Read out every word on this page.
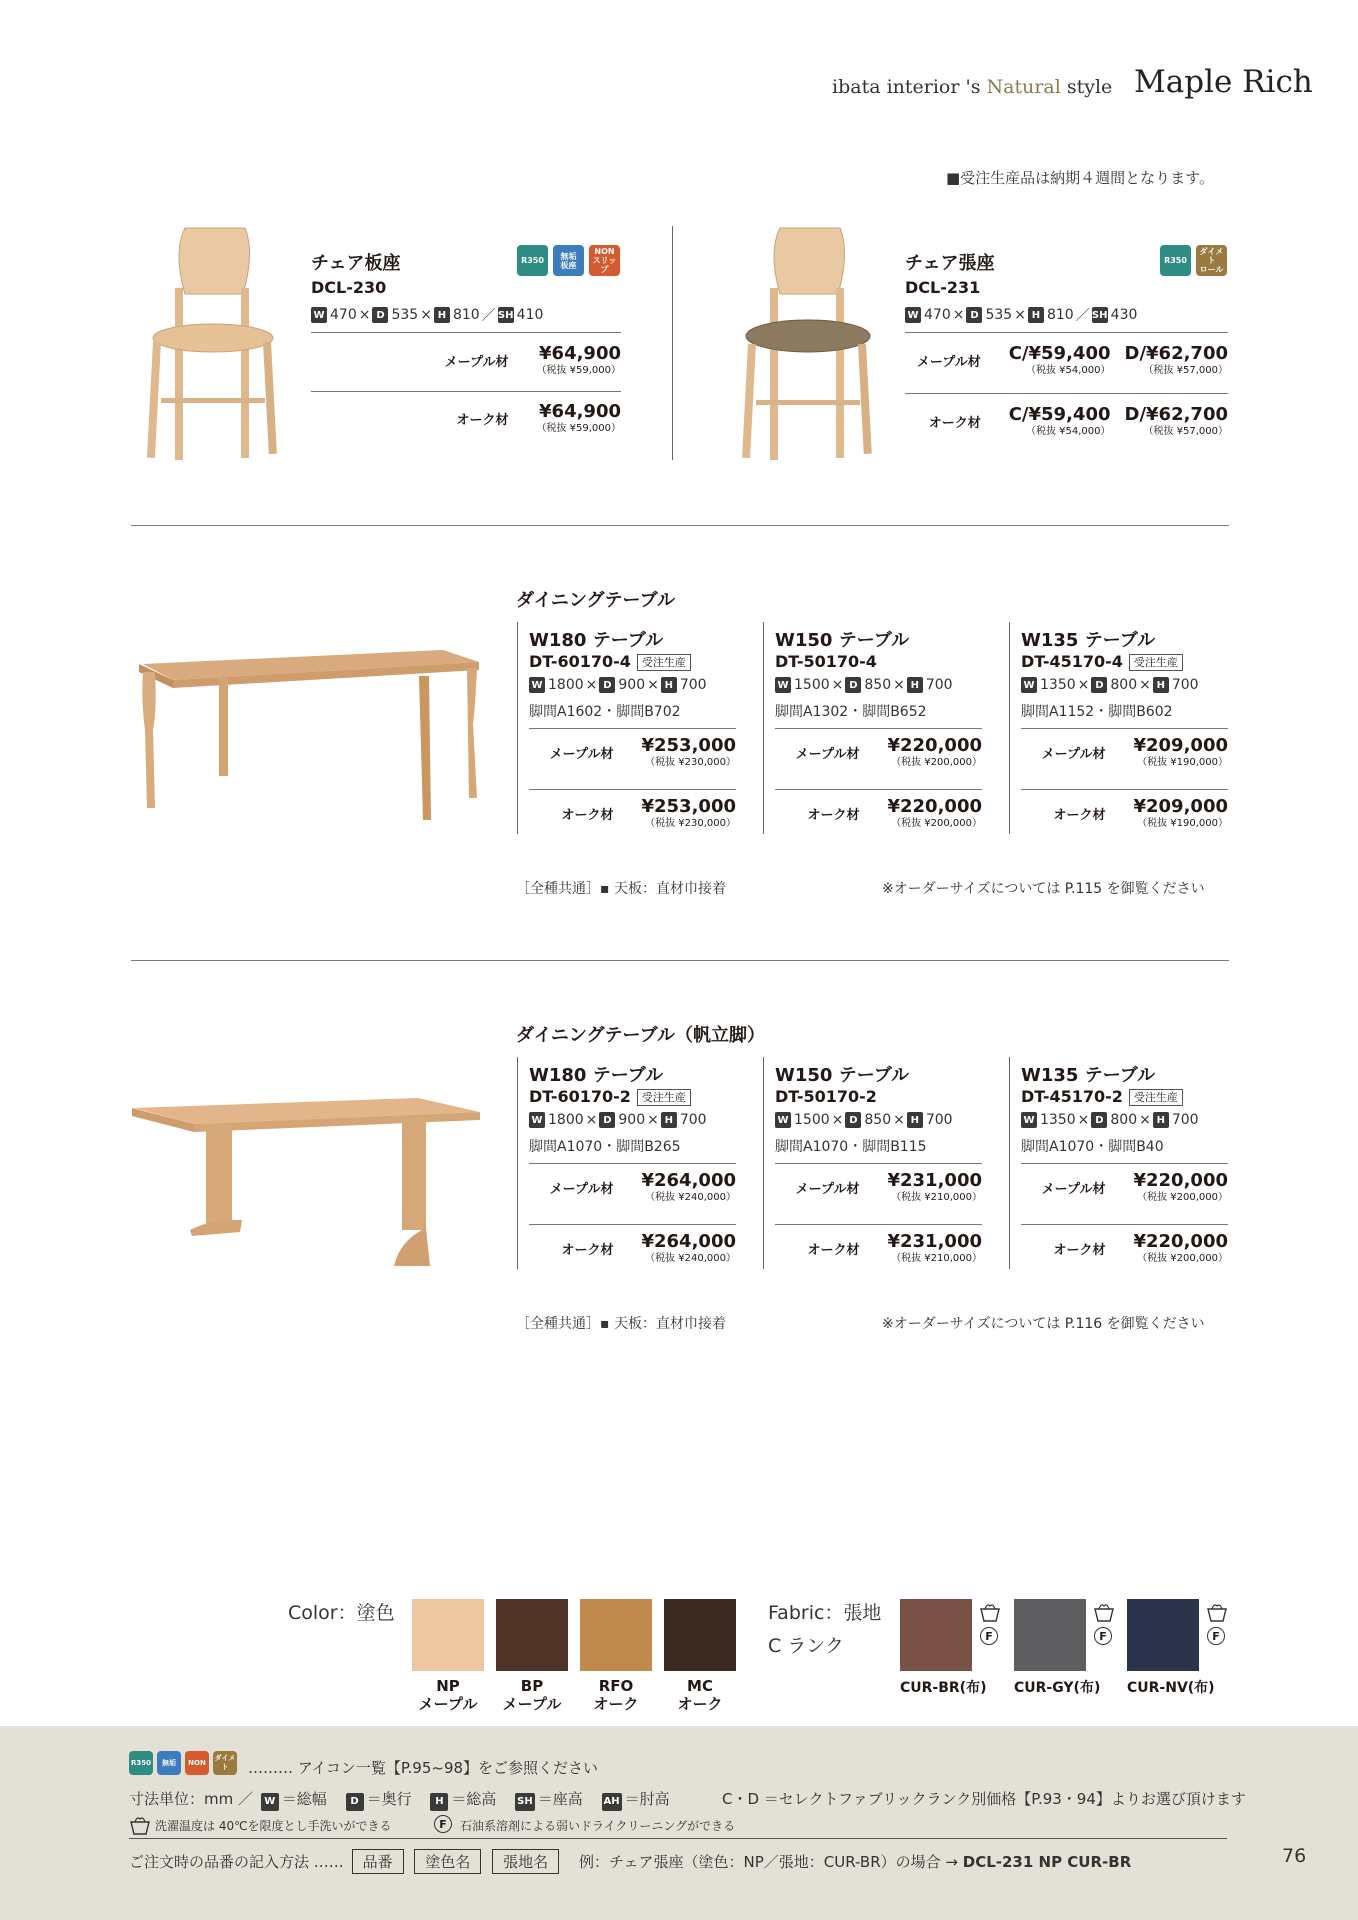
ibata interior 's Natural style Maple Rich
■受注生産品は納期４週間となります。
チェア板座
DCL-230
W 470 × D 535 × H 810 ／ SH 410
R350 無垢
板座
NON
スリップ
メープル材 ¥64,900
（税抜 ¥59,000）
オーク材 ¥64,900
（税抜 ¥59,000）
チェア張座
DCL-231
W 470 × D 535 × H 810 ／ SH 430
R350
ダイメト
ロール
メープル材 C/¥59,400
（税抜 ¥54,000）
D/¥62,700
（税抜 ¥57,000）
オーク材 C/¥59,400
（税抜 ¥54,000）
D/¥62,700
（税抜 ¥57,000）
ダイニングテーブル
W180 テーブル
DT-60170-4 受注生産
W 1800 × D 900 × H 700
脚間A1602・脚間B702
メープル材 ¥253,000
（税抜 ¥230,000）
オーク材 ¥253,000
（税抜 ¥230,000）
W150 テーブル
DT-50170-4
W 1500 × D 850 × H 700
脚間A1302・脚間B652
メープル材 ¥220,000
（税抜 ¥200,000）
オーク材 ¥220,000
（税抜 ¥200,000）
W135 テーブル
DT-45170-4 受注生産
W 1350 × D 800 × H 700
脚間A1152・脚間B602
メープル材 ¥209,000
（税抜 ¥190,000）
オーク材 ¥209,000
（税抜 ¥190,000）
［全種共通］▪ 天板：直材巾接着	※オーダーサイズについては P.115 を御覧ください
ダイニングテーブル（帆立脚）
W180 テーブル
DT-60170-2 受注生産
W 1800 × D 900 × H 700
脚間A1070・脚間B265
メープル材 ¥264,000
（税抜 ¥240,000）
オーク材 ¥264,000
（税抜 ¥240,000）
W150 テーブル
DT-50170-2
W 1500 × D 850 × H 700
脚間A1070・脚間B115
メープル材 ¥231,000
（税抜 ¥210,000）
オーク材 ¥231,000
（税抜 ¥210,000）
W135 テーブル
DT-45170-2 受注生産
W 1350 × D 800 × H 700
脚間A1070・脚間B40
メープル材 ¥220,000
（税抜 ¥200,000）
オーク材 ¥220,000
（税抜 ¥200,000）
［全種共通］▪ 天板：直材巾接着	※オーダーサイズについては P.116 を御覧ください
Color：塗色
NP
メープル
BP
メープル
RFO
オーク
MC
オーク
Fabric：張地
C ランク	F
CUR-BR(布)
F
CUR-GY(布)
F
CUR-NV(布)
R350 無垢 NON
ダイメト	……… アイコン一覧【P.95~98】をご参照ください
寸法単位：mm ／ W ＝総幅 D ＝奥行 H ＝総高 SH ＝座高 AH ＝肘高	C・D ＝セレクトファブリックランク別価格【P.93・94】よりお選び頂けます
洗濯温度は 40℃を限度とし手洗いができる	F	石油系溶剤による弱いドライクリーニングができる
ご注文時の品番の記入方法 …… 品番 塗色名 張地名 例：チェア張座（塗色：NP／張地：CUR-BR）の場合 → DCL-231 NP CUR-BR	76
